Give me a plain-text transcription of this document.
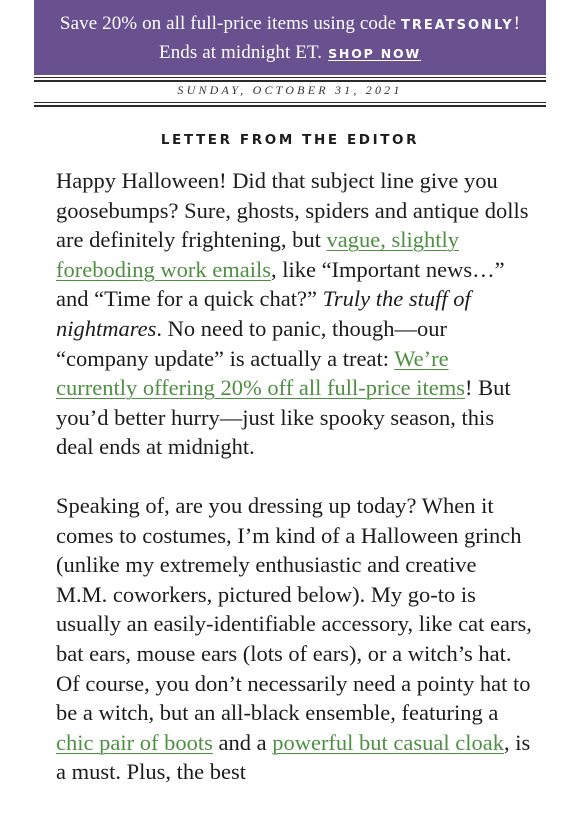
Save 20% on all full-price items using code TREATSONLY!
Ends at midnight ET. SHOP NOW
SUNDAY, OCTOBER 31, 2021
LETTER FROM THE EDITOR

Happy Halloween! Did that subject line give you goosebumps? Sure, ghosts, spiders and antique dolls are definitely frightening, but vague, slightly foreboding work emails, like “Important news…” and “Time for a quick chat?” Truly the stuff of nightmares. No need to panic, though—our “company update” is actually a treat: We’re currently offering 20% off all full-price items! But you’d better hurry—just like spooky season, this deal ends at midnight.

Speaking of, are you dressing up today? When it comes to costumes, I’m kind of a Halloween grinch (unlike my extremely enthusiastic and creative M.M. coworkers, pictured below). My go-to is usually an easily-identifiable accessory, like cat ears, bat ears, mouse ears (lots of ears), or a witch’s hat. Of course, you don’t necessarily need a pointy hat to be a witch, but an all-black ensemble, featuring a chic pair of boots and a powerful but casual cloak, is a must. Plus, the best
